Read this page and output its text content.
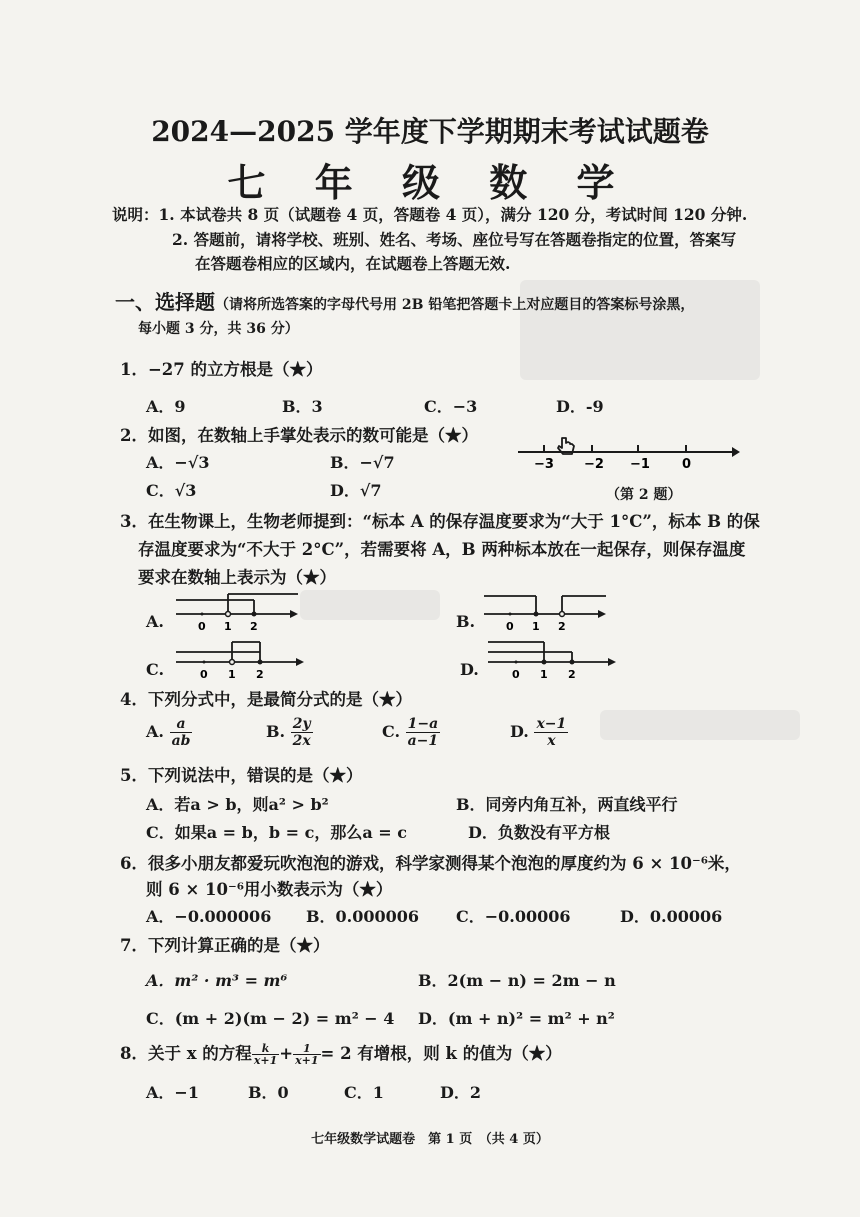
2024—2025 学年度下学期期末考试试题卷
七 年 级 数 学
说明：1. 本试卷共 8 页（试题卷 4 页，答题卷 4 页），满分 120 分，考试时间 120 分钟.
2. 答题前，请将学校、班别、姓名、考场、座位号写在答题卷指定的位置，答案写
在答题卷相应的区域内，在试题卷上答题无效.
一、选择题（请将所选答案的字母代号用 2B 铅笔把答题卡上对应题目的答案标号涂黑，
每小题 3 分，共 36 分）
1．−27 的立方根是（★）
A．9	B．3	C．−3	D．-9
2．如图，在数轴上手掌处表示的数可能是（★）
A．−√3	B．−√7
C．√3	D．√7
−3 −2 −1 0
（第 2 题）
3．在生物课上，生物老师提到：“标本 A 的保存温度要求为“大于 1°C”，标本 B 的保
存温度要求为“不大于 2°C”，若需要将 A，B 两种标本放在一起保存，则保存温度
要求在数轴上表示为（★）
A.	0 1 2	B.	0 1 2
C.	0 1 2	D.	0 1 2
4．下列分式中，是最简分式的是（★）
A. $\frac{a}{ab}$	B. $\frac{2y}{2x}$	C. $\frac{1-a}{a-1}$	D. $\frac{x-1}{x}$
5．下列说法中，错误的是（★）
A．若a > b，则a² > b²	B．同旁内角互补，两直线平行
C．如果a = b，b = c，那么a = c	D．负数没有平方根
6．很多小朋友都爱玩吹泡泡的游戏，科学家测得某个泡泡的厚度约为 6 × 10⁻⁶米，
则 6 × 10⁻⁶用小数表示为（★）
A．−0.000006 B．0.000006 C．−0.00006	D．0.00006
7．下列计算正确的是（★）
A．m² · m³ = m⁶	B．2(m − n) = 2m − n
C．(m + 2)(m − 2) = m² − 4 D．(m + n)² = m² + n²
8．关于 x 的方程 $\frac{k}{x+1} + \frac{1}{x+1} = 2$ 有增根，则 k 的值为（★）
A．−1	B．0	C．1	D．2
七年级数学试题卷　第 1 页　（共 4 页）
